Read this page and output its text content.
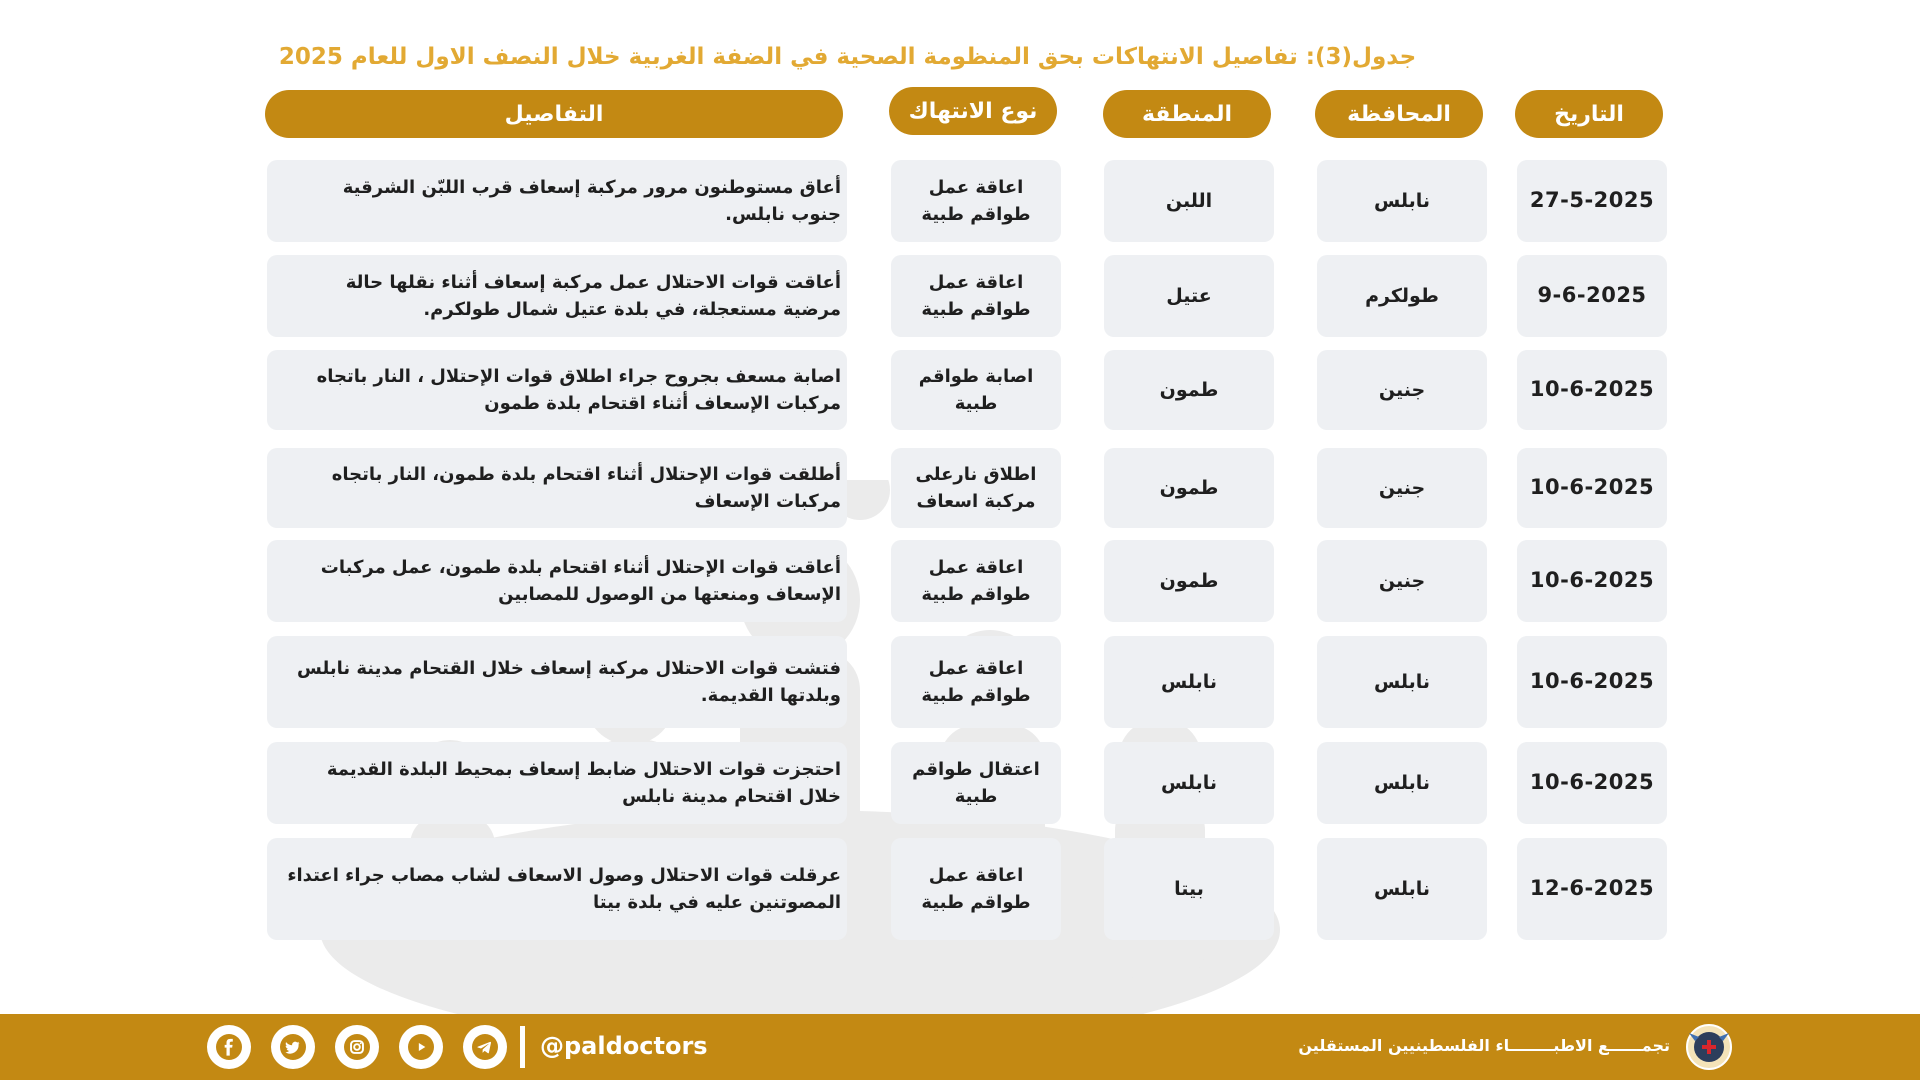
جدول(3): تفاصيل الانتهاكات بحق المنظومة الصحية في الضفة الغربية خلال النصف الاول للعام 2025
التاريخ
المحافظة
المنطقة
نوع الانتهاك
التفاصيل
27-5-2025
نابلس
اللبن
اعاقة عمل طواقم طبية
أعاق مستوطنون مرور مركبة إسعاف قرب اللبّن الشرقية جنوب نابلس.
9-6-2025
طولكرم
عتيل
اعاقة عمل طواقم طبية
أعاقت قوات الاحتلال عمل مركبة إسعاف أثناء نقلها حالة مرضية مستعجلة، في بلدة عتيل شمال طولكرم.
10-6-2025
جنين
طمون
اصابة طواقم طبية
اصابة مسعف بجروح جراء اطلاق قوات الإحتلال ، النار باتجاه مركبات الإسعاف أثناء اقتحام بلدة طمون
10-6-2025
جنين
طمون
اطلاق نارعلى مركبة اسعاف
أطلقت قوات الإحتلال أثناء اقتحام بلدة طمون، النار باتجاه مركبات الإسعاف
10-6-2025
جنين
طمون
اعاقة عمل طواقم طبية
أعاقت قوات الإحتلال أثناء اقتحام بلدة طمون، عمل مركبات الإسعاف ومنعتها من الوصول للمصابين
10-6-2025
نابلس
نابلس
اعاقة عمل طواقم طبية
فتشت قوات الاحتلال مركبة إسعاف خلال القتحام مدينة نابلس وبلدتها القديمة.
10-6-2025
نابلس
نابلس
اعتقال طواقم طبية
احتجزت قوات الاحتلال ضابط إسعاف بمحيط البلدة القديمة خلال اقتحام مدينة نابلس
12-6-2025
نابلس
بيتا
اعاقة عمل طواقم طبية
عرقلت قوات الاحتلال وصول الاسعاف لشاب مصاب جراء اعتداء المصوتنين عليه في بلدة بيتا
@paldoctors	تجمــــــع الاطبــــــــاء الفلسطينيين المستقلين
